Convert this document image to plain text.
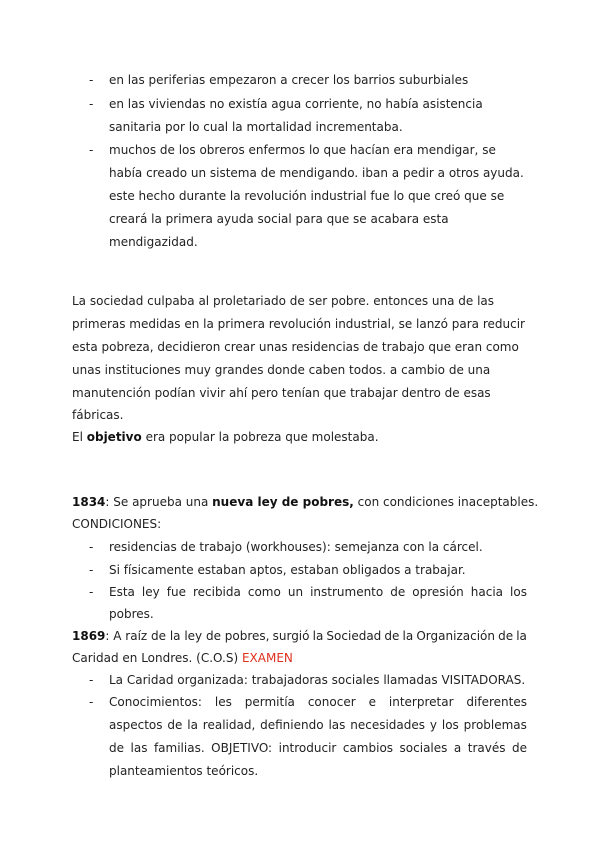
- en las periferias empezaron a crecer los barrios suburbiales
- en las viviendas no existía agua corriente, no había asistencia
sanitaria por lo cual la mortalidad incrementaba.
- muchos de los obreros enfermos lo que hacían era mendigar, se
había creado un sistema de mendigando. iban a pedir a otros ayuda.
este hecho durante la revolución industrial fue lo que creó que se
creará la primera ayuda social para que se acabara esta
mendigazidad.
La sociedad culpaba al proletariado de ser pobre. entonces una de las
primeras medidas en la primera revolución industrial, se lanzó para reducir
esta pobreza, decidieron crear unas residencias de trabajo que eran como
unas instituciones muy grandes donde caben todos. a cambio de una
manutención podían vivir ahí pero tenían que trabajar dentro de esas
fábricas.
El objetivo era popular la pobreza que molestaba.
1834: Se aprueba una nueva ley de pobres, con condiciones inaceptables.
CONDICIONES:
- residencias de trabajo (workhouses): semejanza con la cárcel.
- Si físicamente estaban aptos, estaban obligados a trabajar.
- Esta ley fue recibida como un instrumento de opresión hacia los
pobres.
1869: A raíz de la ley de pobres, surgió la Sociedad de la Organización de la
Caridad en Londres. (C.O.S) EXAMEN
- La Caridad organizada: trabajadoras sociales llamadas VISITADORAS.
- Conocimientos: les permitía conocer e interpretar diferentes
aspectos de la realidad, definiendo las necesidades y los problemas
de las familias. OBJETIVO: introducir cambios sociales a través de
planteamientos teóricos.
